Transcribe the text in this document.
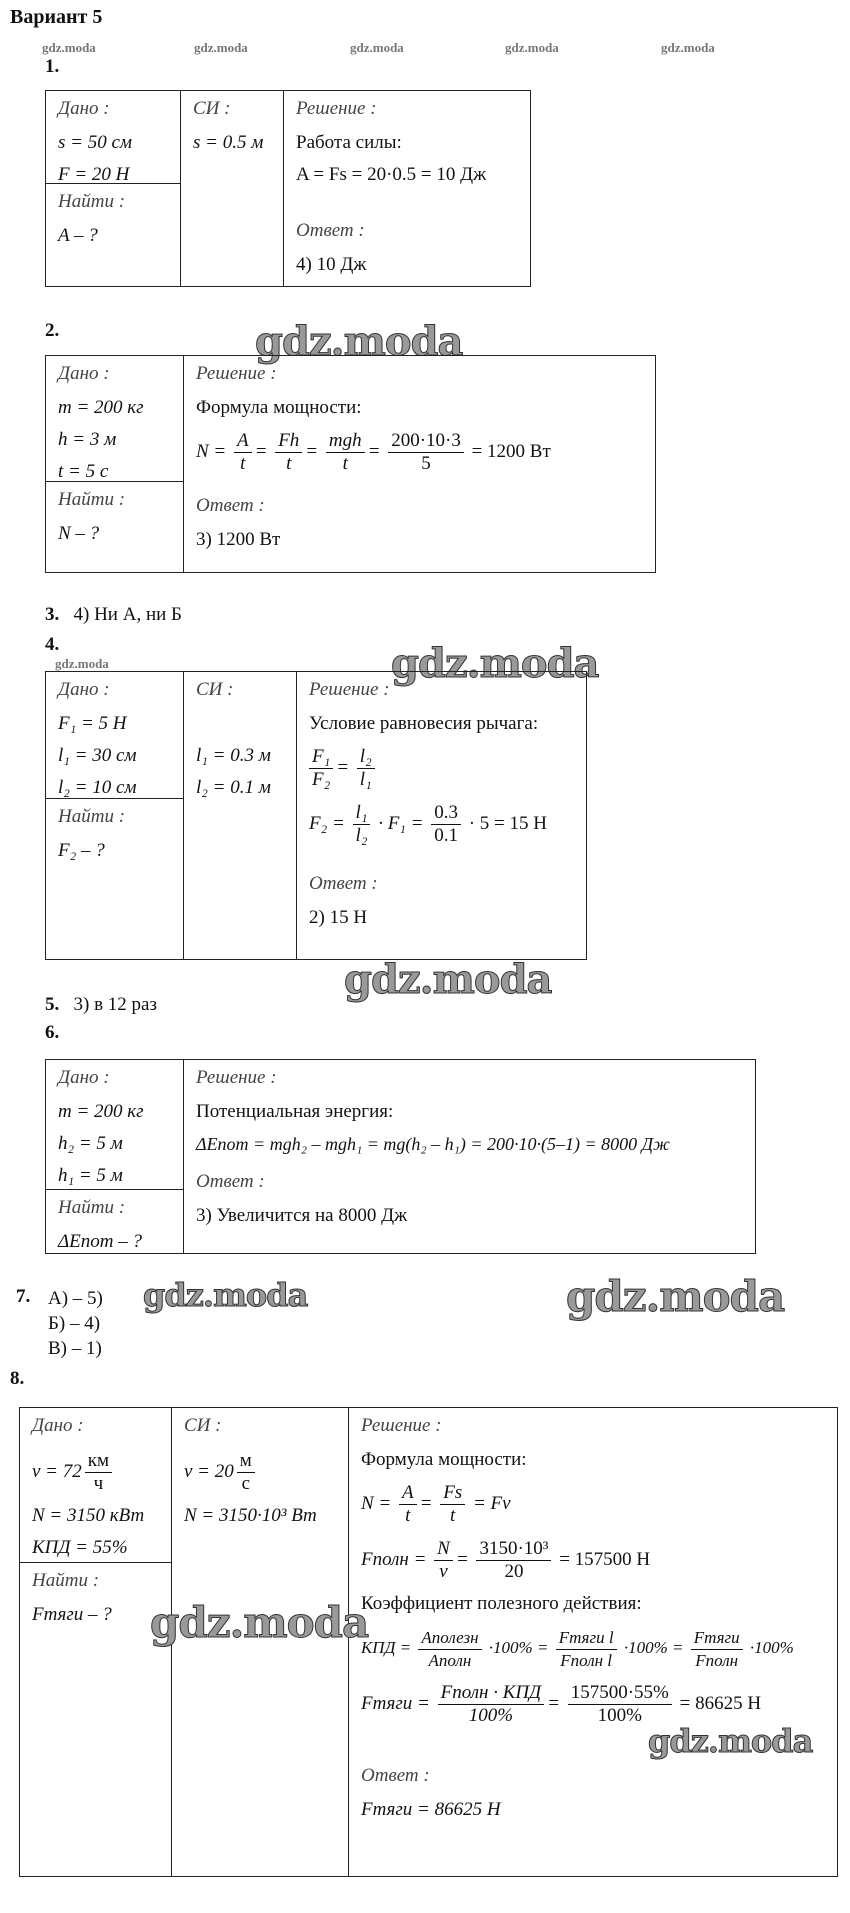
Вариант 5
gdz.moda	gdz.moda	gdz.moda	gdz.moda	gdz.moda
1.
Дано :
s = 50 см
F = 20 Н
Найти :
A – ?
СИ :
s = 0.5 м
Решение :
Работа силы:
A = Fs = 20·0.5 = 10 Дж
Ответ :
4) 10 Дж
2.	gdz.moda
Дано :
m = 200 кг
h = 3 м
t = 5 с
Найти :
N – ?
Решение :
Формула мощности:
$N = \frac{A}{t} = \frac{Fh}{t} = \frac{\text{mgh}}{t} = \frac{200\cdot 10\cdot 3}{5} = 1200$ Вт
Ответ :
3) 1200 Вт
3. 4) Ни А, ни Б
4.
gdz.moda	gdz.moda
Дано :
F₁ = 5 Н
l₁ = 30 см
l₂ = 10 см
Найти :
F₂ – ?
СИ :
l₁ = 0.3 м
l₂ = 0.1 м
Решение :
Условие равновесия рычага:
$\frac{\text{F₁}}{\text{F₂}} = \frac{\text{l₂}}{\text{l₁}}$
$F_2 = \frac{\text{l₁}}{\text{l₂}} \cdot F_1 = \frac{0.3}{0.1} \cdot 5 = 15$ Н
Ответ :
2) 15 Н
gdz.moda
5. 3) в 12 раз
6.
Дано :
m = 200 кг
h₂ = 5 м
h₁ = 5 м
Найти :
ΔEпот – ?
Решение :
Потенциальная энергия:
ΔEпот = mgh₂ – mgh₁ = mg(h₂ – h₁) = 200·10·(5–1) = 8000 Дж
Ответ :
3) Увеличится на 8000 Дж
7. А) – 5)
Б) – 4)
В) – 1)
gdz.moda	gdz.moda
8.
Дано :
$v = 72 \frac{км}{ч}$
N = 3150 кВт
КПД = 55%
Найти :
Fтяги – ?
СИ :
$v = 20 \frac{м}{с}$
N = 3150·10³ Вт
Решение :
Формула мощности:
$N = \frac{A}{t} = \frac{Fs}{t} = Fv$
Fполн = $\frac{N}{v} = \frac{\text{3150·10³}}{20} = 157500$ Н
Коэффициент полезного действия:
КПД = $\frac{\text{Aполезн}}{\text{Aполн}} \cdot 100\% = \frac{\text{Fтяги l}}{\text{Fполн l}} \cdot 100\% = \frac{\text{Fтяги}}{\text{Fполн}} \cdot 100\%$
Fтяги = $\frac{\text{Fполн · КПД}}{100\%} = \frac{157500\cdot 55\%}{100\%} = 86625$ Н
Ответ :
Fтяги = 86625 Н
gdz.moda
gdz.moda
